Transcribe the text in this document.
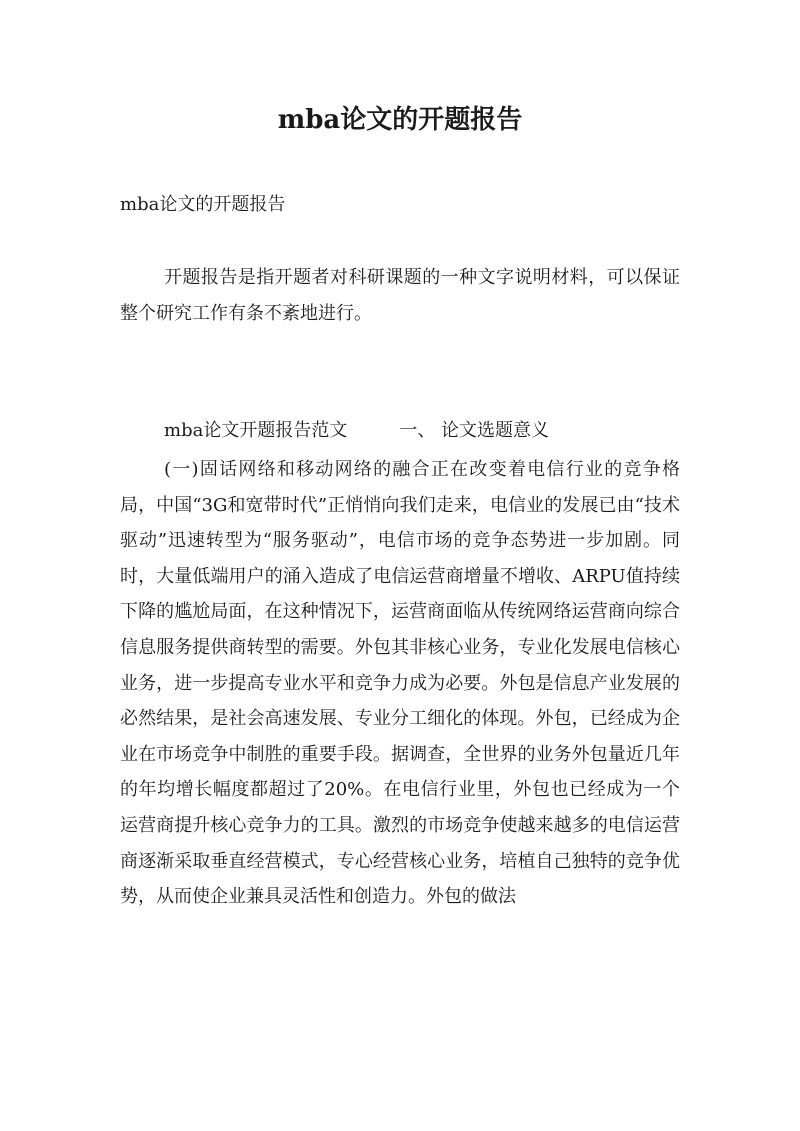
mba论文的开题报告

mba论文的开题报告

开题报告是指开题者对科研课题的一种文字说明材料，可以保证整个研究工作有条不紊地进行。

mba论文开题报告范文	一、 论文选题意义

(一)固话网络和移动网络的融合正在改变着电信行业的竞争格局，中国“3G和宽带时代”正悄悄向我们走来，电信业的发展已由“技术驱动”迅速转型为“服务驱动”，电信市场的竞争态势进一步加剧。同时，大量低端用户的涌入造成了电信运营商增量不增收、ARPU值持续下降的尴尬局面，在这种情况下，运营商面临从传统网络运营商向综合信息服务提供商转型的需要。外包其非核心业务，专业化发展电信核心业务，进一步提高专业水平和竞争力成为必要。外包是信息产业发展的必然结果，是社会高速发展、专业分工细化的体现。外包，已经成为企业在市场竞争中制胜的重要手段。据调查，全世界的业务外包量近几年的年均增长幅度都超过了20%。在电信行业里，外包也已经成为一个运营商提升核心竞争力的工具。激烈的市场竞争使越来越多的电信运营商逐渐采取垂直经营模式，专心经营核心业务，培植自己独特的竞争优势，从而使企业兼具灵活性和创造力。外包的做法
